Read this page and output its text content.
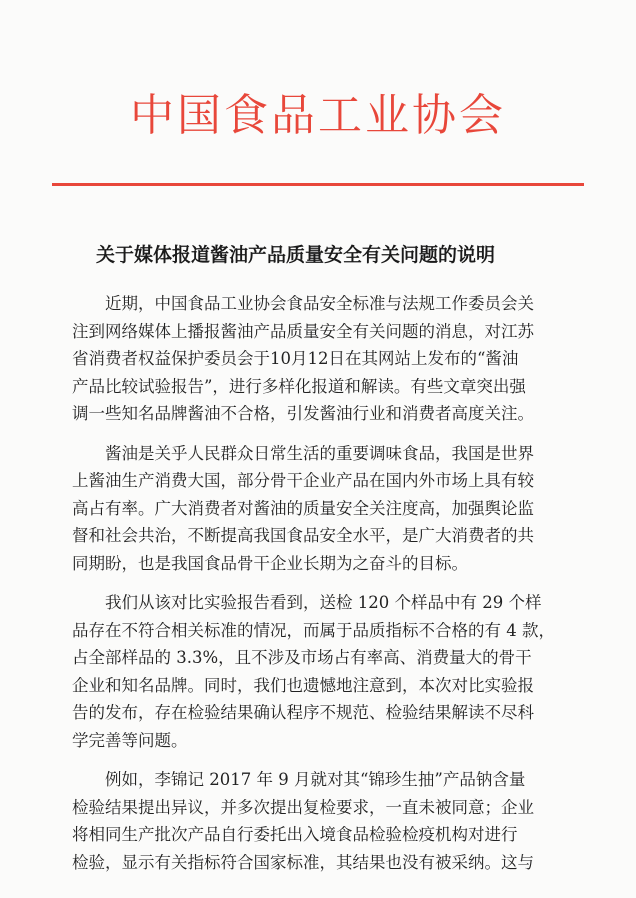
中国食品工业协会
关于媒体报道酱油产品质量安全有关问题的说明
　　近期，中国食品工业协会食品安全标准与法规工作委员会关
注到网络媒体上播报酱油产品质量安全有关问题的消息，对江苏
省消费者权益保护委员会于10月12日在其网站上发布的“酱油
产品比较试验报告”，进行多样化报道和解读。有些文章突出强
调一些知名品牌酱油不合格，引发酱油行业和消费者高度关注。
　　酱油是关乎人民群众日常生活的重要调味食品，我国是世界
上酱油生产消费大国，部分骨干企业产品在国内外市场上具有较
高占有率。广大消费者对酱油的质量安全关注度高，加强舆论监
督和社会共治，不断提高我国食品安全水平，是广大消费者的共
同期盼，也是我国食品骨干企业长期为之奋斗的目标。
　　我们从该对比实验报告看到，送检 120 个样品中有 29 个样
品存在不符合相关标准的情况，而属于品质指标不合格的有 4 款，
占全部样品的 3.3%，且不涉及市场占有率高、消费量大的骨干
企业和知名品牌。同时，我们也遗憾地注意到，本次对比实验报
告的发布，存在检验结果确认程序不规范、检验结果解读不尽科
学完善等问题。
　　例如，李锦记 2017 年 9 月就对其“锦珍生抽”产品钠含量
检验结果提出异议，并多次提出复检要求，一直未被同意；企业
将相同生产批次产品自行委托出入境食品检验检疫机构对进行
检验，显示有关指标符合国家标准，其结果也没有被采纳。这与
